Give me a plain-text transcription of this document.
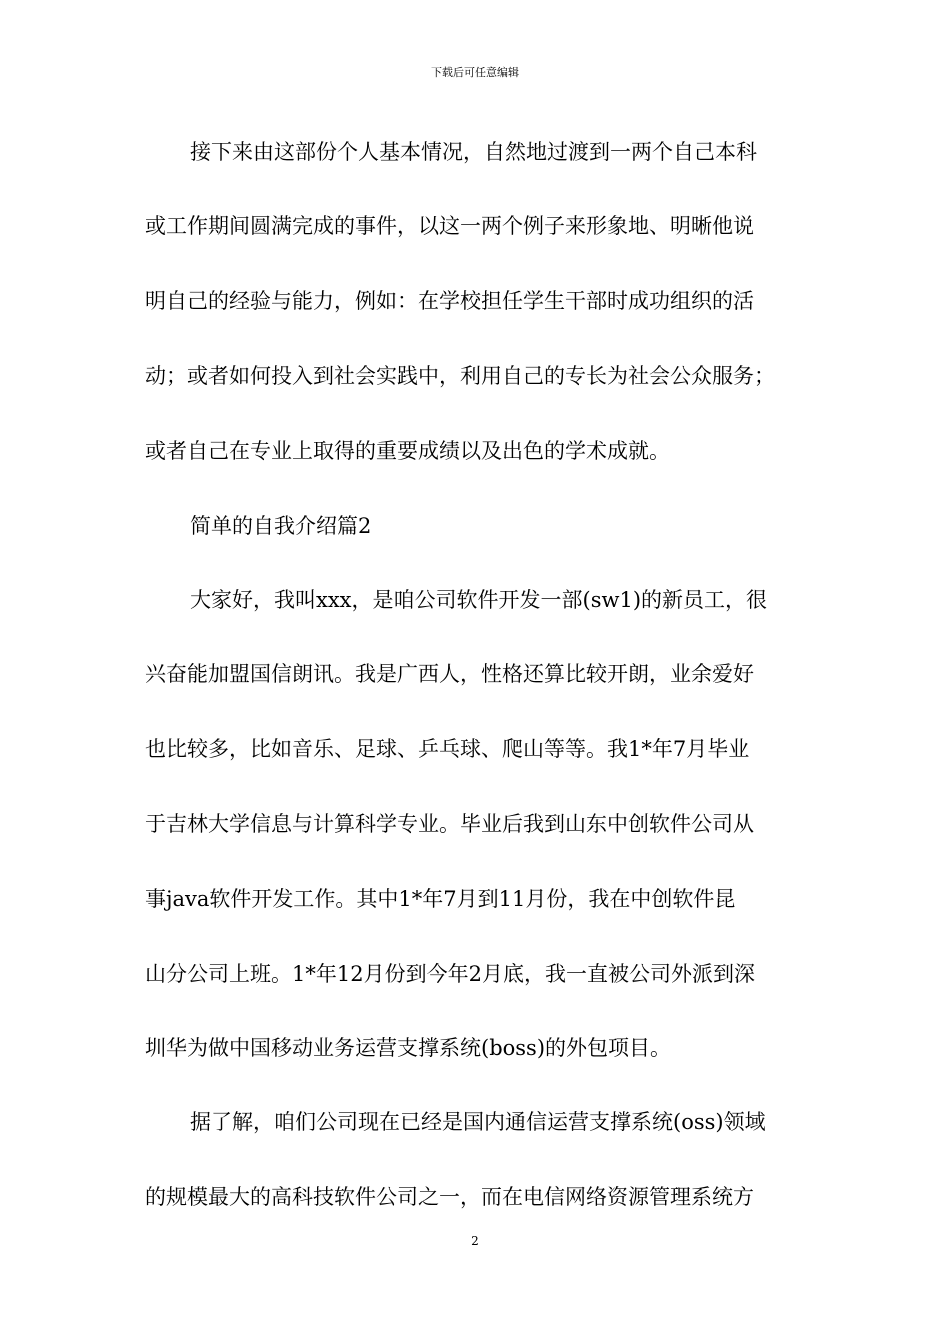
下载后可任意编辑
接下来由这部份个人基本情况，自然地过渡到一两个自己本科
或工作期间圆满完成的事件，以这一两个例子来形象地、明晰他说
明自己的经验与能力，例如：在学校担任学生干部时成功组织的活
动；或者如何投入到社会实践中，利用自己的专长为社会公众服务；
或者自己在专业上取得的重要成绩以及出色的学术成就。
简单的自我介绍篇2
大家好，我叫xxx，是咱公司软件开发一部(sw1)的新员工，很
兴奋能加盟国信朗讯。我是广西人，性格还算比较开朗，业余爱好
也比较多，比如音乐、足球、乒乓球、爬山等等。我1*年7月毕业
于吉林大学信息与计算科学专业。毕业后我到山东中创软件公司从
事java软件开发工作。其中1*年7月到11月份，我在中创软件昆
山分公司上班。1*年12月份到今年2月底，我一直被公司外派到深
圳华为做中国移动业务运营支撑系统(boss)的外包项目。
据了解，咱们公司现在已经是国内通信运营支撑系统(oss)领域
的规模最大的高科技软件公司之一，而在电信网络资源管理系统方
2
